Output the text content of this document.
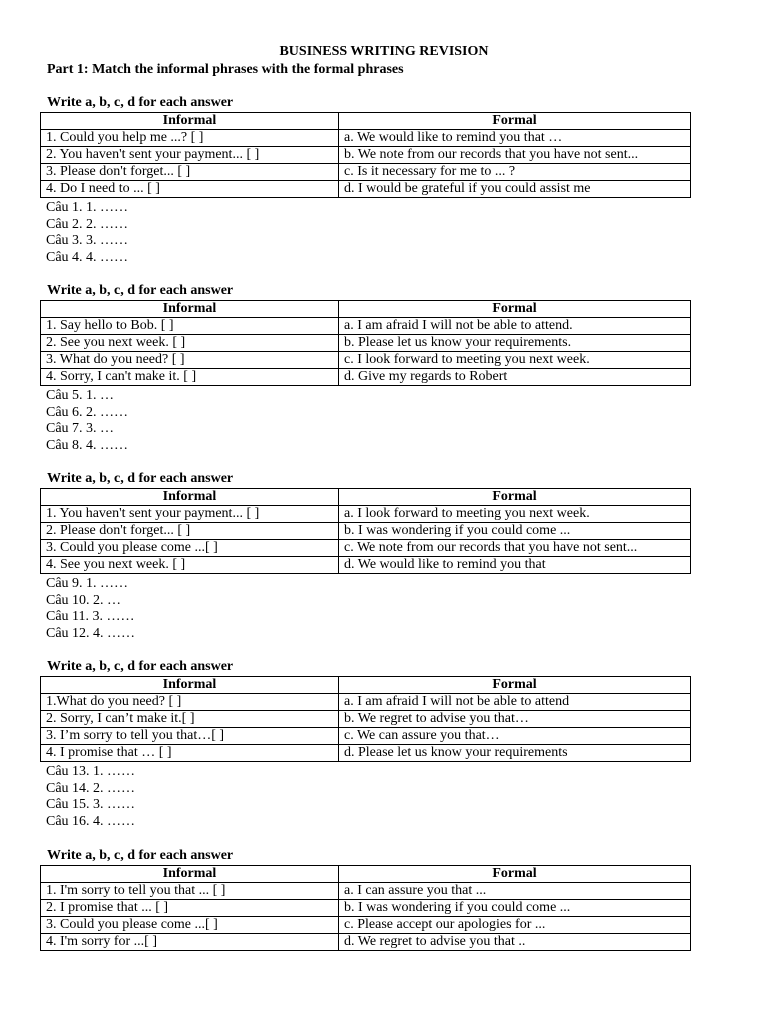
BUSINESS WRITING REVISION
Part 1: Match the informal phrases with the formal phrases
Write a, b, c, d for each answer
Informal	Formal
1. Could you help me ...? [ ]	a. We would like to remind you that …
2. You haven't sent your payment... [ ]	b. We note from our records that you have not sent...
3. Please don't forget... [ ]	c. Is it necessary for me to ... ?
4. Do I need to ... [ ]	d. I would be grateful if you could assist me
Câu 1. 1. ……
Câu 2. 2. ……
Câu 3. 3. ……
Câu 4. 4. ……
Write a, b, c, d for each answer
Informal	Formal
1. Say hello to Bob. [ ]	a. I am afraid I will not be able to attend.
2. See you next week. [ ]	b. Please let us know your requirements.
3. What do you need? [ ]	c. I look forward to meeting you next week.
4. Sorry, I can't make it. [ ]	d. Give my regards to Robert
Câu 5. 1. …
Câu 6. 2. ……
Câu 7. 3. …
Câu 8. 4. ……
Write a, b, c, d for each answer
Informal	Formal
1. You haven't sent your payment... [ ]	a. I look forward to meeting you next week.
2. Please don't forget... [ ]	b. I was wondering if you could come ...
3. Could you please come ...[ ]	c. We note from our records that you have not sent...
4. See you next week. [ ]	d. We would like to remind you that
Câu 9. 1. ……
Câu 10. 2. …
Câu 11. 3. ……
Câu 12. 4. ……
Write a, b, c, d for each answer
Informal	Formal
1.What do you need? [ ]	a. I am afraid I will not be able to attend
2. Sorry, I can’t make it.[ ]	b. We regret to advise you that…
3. I’m sorry to tell you that…[ ]	c. We can assure you that…
4. I promise that … [ ]	d. Please let us know your requirements
Câu 13. 1. ……
Câu 14. 2. ……
Câu 15. 3. ……
Câu 16. 4. ……
Write a, b, c, d for each answer
Informal	Formal
1. I'm sorry to tell you that ... [ ]	a. I can assure you that ...
2. I promise that ... [ ]	b. I was wondering if you could come ...
3. Could you please come ...[ ]	c. Please accept our apologies for ...
4. I'm sorry for ...[ ]	d. We regret to advise you that ..
